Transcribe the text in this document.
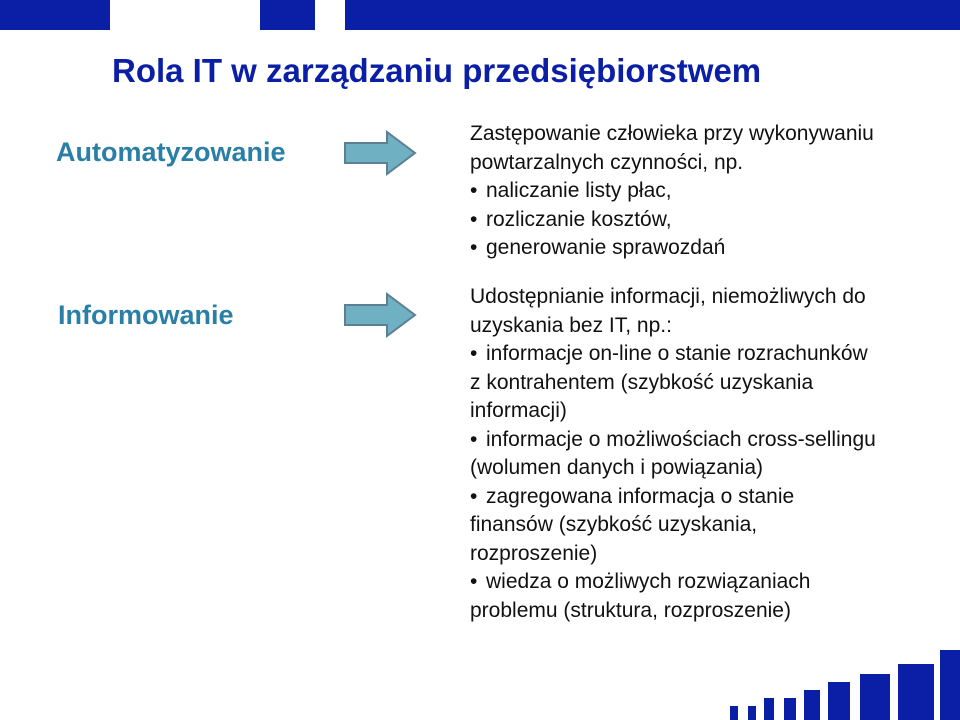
Rola IT w zarządzaniu przedsiębiorstwem
Automatyzowanie
Zastępowanie człowieka przy wykonywaniu
powtarzalnych czynności, np.
• naliczanie listy płac,
• rozliczanie kosztów,
• generowanie sprawozdań
Informowanie
Udostępnianie informacji, niemożliwych do
uzyskania bez IT, np.:
• informacje on-line o stanie rozrachunków
z kontrahentem (szybkość uzyskania
informacji)
• informacje o możliwościach cross-sellingu
(wolumen danych i powiązania)
• zagregowana informacja o stanie
finansów (szybkość uzyskania,
rozproszenie)
• wiedza o możliwych rozwiązaniach
problemu (struktura, rozproszenie)
